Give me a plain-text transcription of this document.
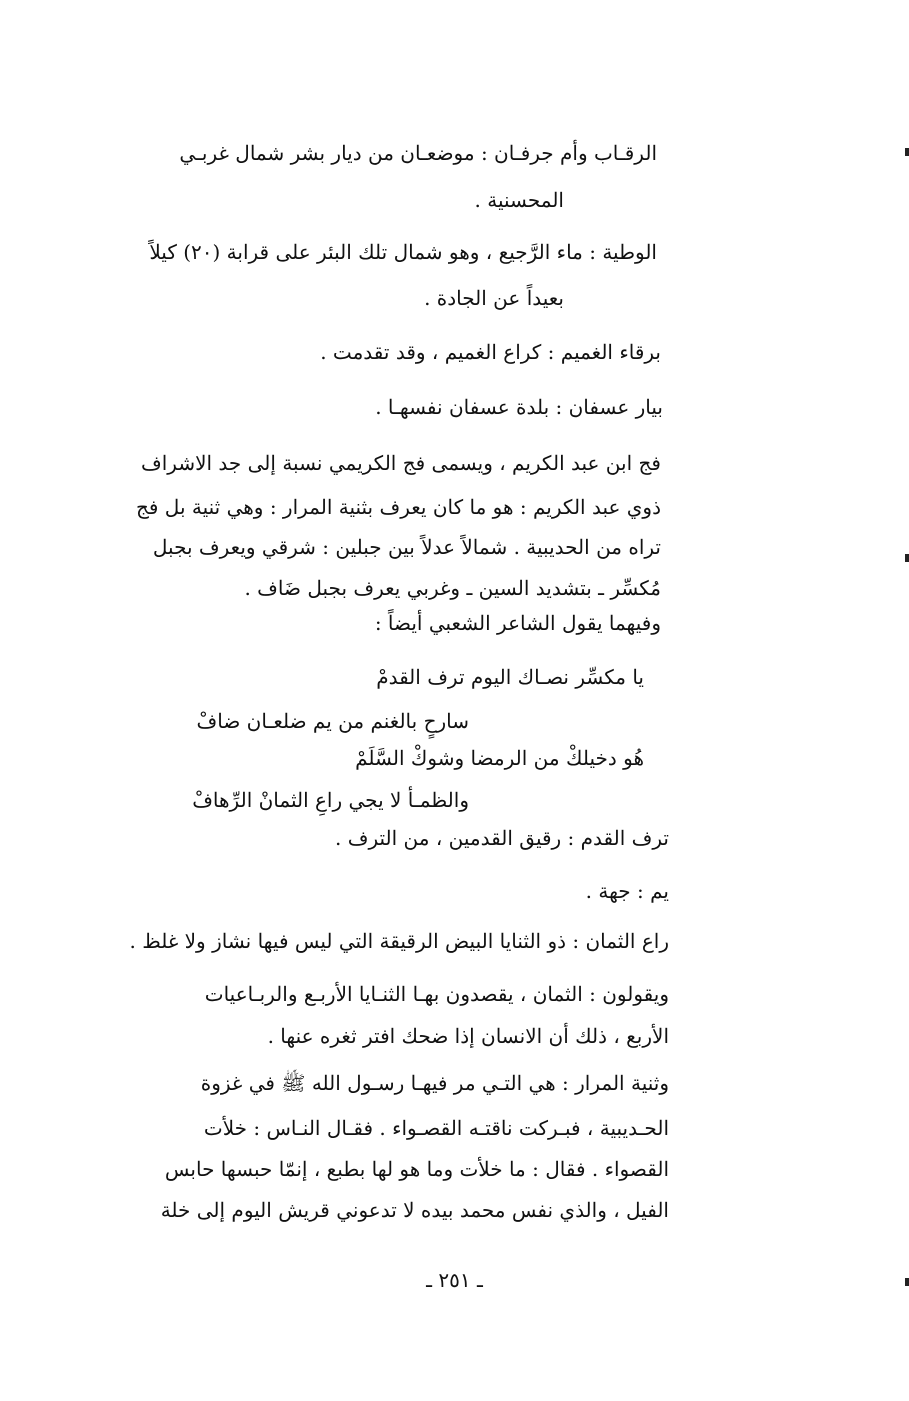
الرقـاب وأم جرفـان : موضعـان من ديار بشر شمال غربـي
المحسنية .
الوطية : ماء الرَّجيع ، وهو شمال تلك البئر على قرابة (٢٠) كيلاً
بعيداً عن الجادة .
برقاء الغميم : كراع الغميم ، وقد تقدمت .
بيار عسفان : بلدة عسفان نفسهـا .
فج ابن عبد الكريم ، ويسمى فج الكريمي نسبة إلى جد الاشراف
ذوي عبد الكريم : هو ما كان يعرف بثنية المرار : وهي ثنية بل فج
تراه من الحديبية . شمالاً عدلاً بين جبلين : شرقي ويعرف بجبل
مُكسِّر ـ بتشديد السين ـ وغربي يعرف بجبل ضَاف .
وفيهما يقول الشاعر الشعبي أيضاً :
يا مكسِّر نصـاك اليوم ترف القدمْ
سارحٍ بالغنم من يم ضلعـان ضافْ
هُو دخيلكْ من الرمضا وشوكْ السَّلَمْ
والظمـأ لا يجي راعِ الثمانْ الرِّهافْ
ترف القدم : رقيق القدمين ، من الترف .
يم : جهة .
راع الثمان : ذو الثنايا البيض الرقيقة التي ليس فيها نشاز ولا غلظ .
ويقولون : الثمان ، يقصدون بهـا الثنـايا الأربـع والربـاعيات
الأربع ، ذلك أن الانسان إذا ضحك افتر ثغره عنها .
وثنية المرار : هي التـي مر فيهـا رسـول الله ﷺ في غزوة
الحـديبية ، فبـركت ناقتـه القصـواء . فقـال النـاس : خلأت
القصواء . فقال : ما خلأت وما هو لها بطبع ، إنمّا حبسها حابس
الفيل ، والذي نفس محمد بيده لا تدعوني قريش اليوم إلى خلة
ـ ٢٥١ ـ
